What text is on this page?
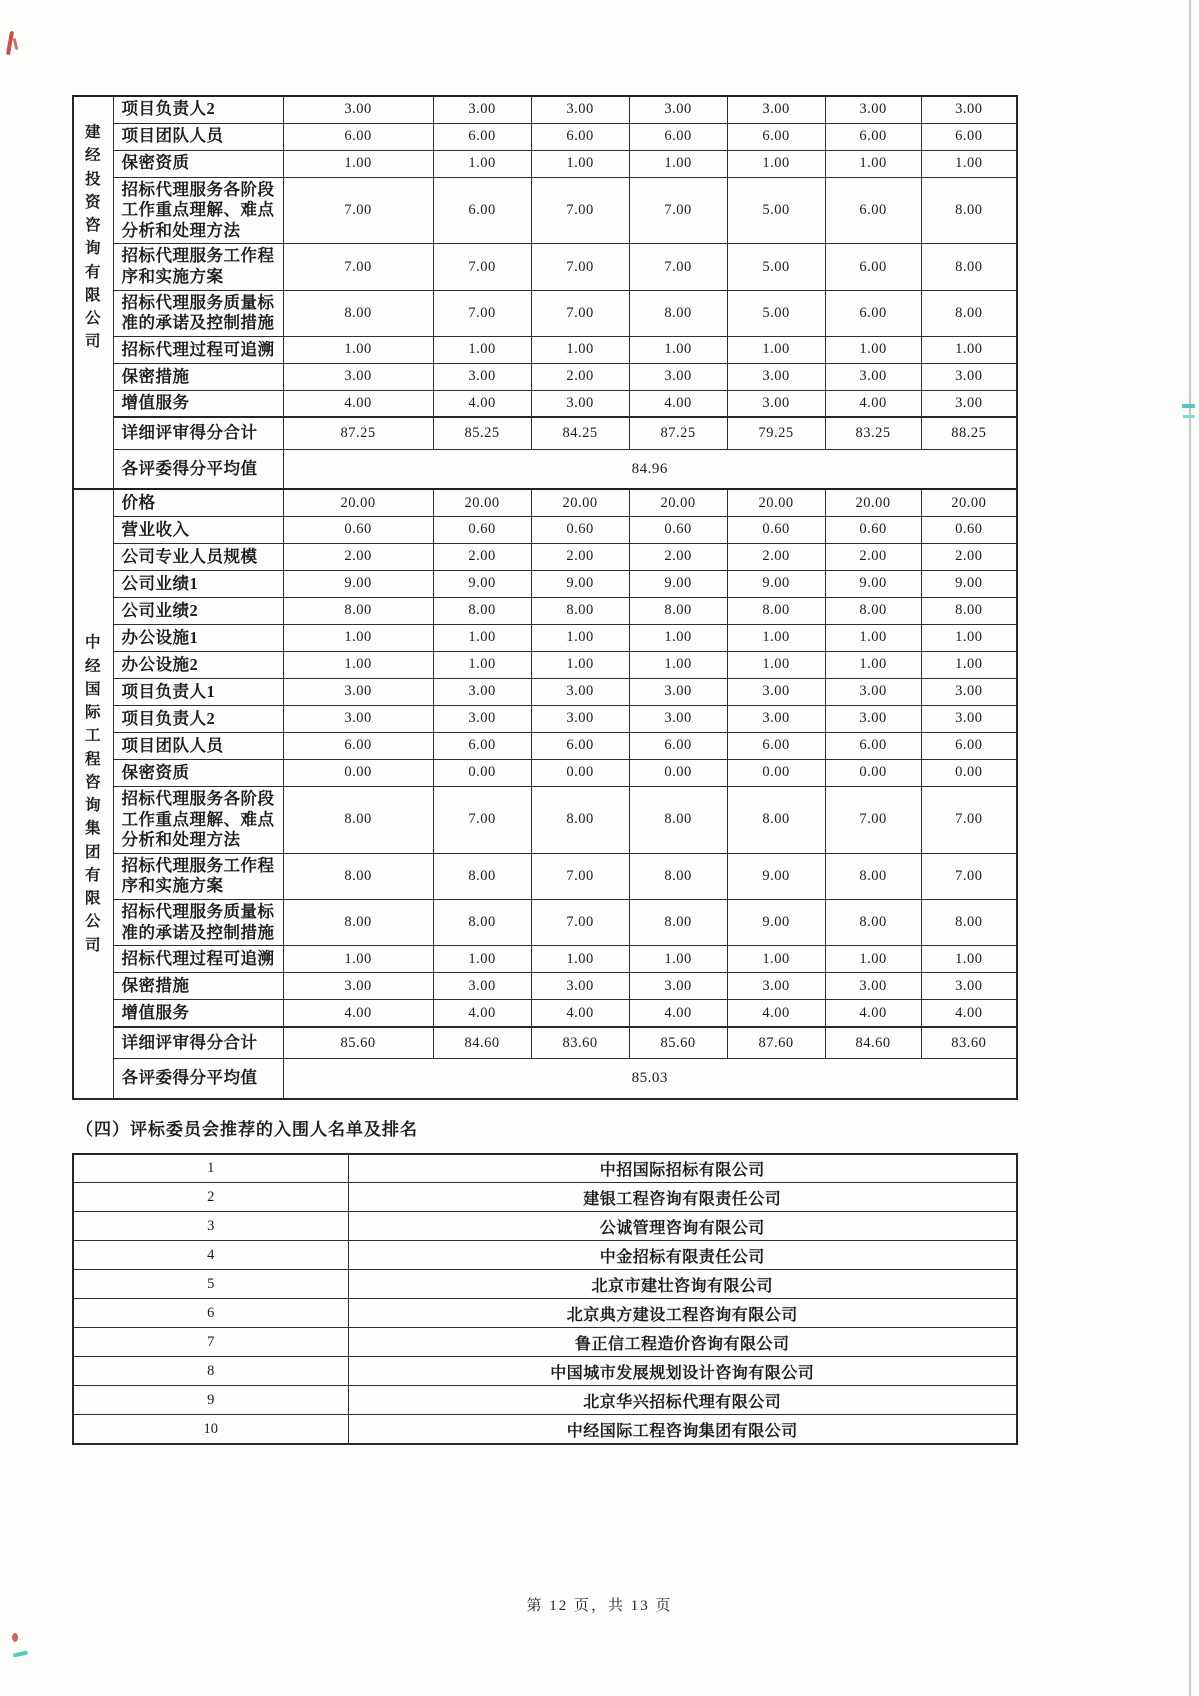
建经投资咨询有限公司	项目负责人2	3.00	3.00	3.00	3.00	3.00	3.00	3.00
	项目团队人员	6.00	6.00	6.00	6.00	6.00	6.00	6.00
	保密资质	1.00	1.00	1.00	1.00	1.00	1.00	1.00
	招标代理服务各阶段工作重点理解、难点分析和处理方法	7.00	6.00	7.00	7.00	5.00	6.00	8.00
	招标代理服务工作程序和实施方案	7.00	7.00	7.00	7.00	5.00	6.00	8.00
	招标代理服务质量标准的承诺及控制措施	8.00	7.00	7.00	8.00	5.00	6.00	8.00
	招标代理过程可追溯	1.00	1.00	1.00	1.00	1.00	1.00	1.00
	保密措施	3.00	3.00	2.00	3.00	3.00	3.00	3.00
	增值服务	4.00	4.00	3.00	4.00	3.00	4.00	3.00
	详细评审得分合计	87.25	85.25	84.25	87.25	79.25	83.25	88.25
	各评委得分平均值	84.96						
中经国际工程咨询集团有限公司	价格	20.00	20.00	20.00	20.00	20.00	20.00	20.00
	营业收入	0.60	0.60	0.60	0.60	0.60	0.60	0.60
	公司专业人员规模	2.00	2.00	2.00	2.00	2.00	2.00	2.00
	公司业绩1	9.00	9.00	9.00	9.00	9.00	9.00	9.00
	公司业绩2	8.00	8.00	8.00	8.00	8.00	8.00	8.00
	办公设施1	1.00	1.00	1.00	1.00	1.00	1.00	1.00
	办公设施2	1.00	1.00	1.00	1.00	1.00	1.00	1.00
	项目负责人1	3.00	3.00	3.00	3.00	3.00	3.00	3.00
	项目负责人2	3.00	3.00	3.00	3.00	3.00	3.00	3.00
	项目团队人员	6.00	6.00	6.00	6.00	6.00	6.00	6.00
	保密资质	0.00	0.00	0.00	0.00	0.00	0.00	0.00
	招标代理服务各阶段工作重点理解、难点分析和处理方法	8.00	7.00	8.00	8.00	8.00	7.00	7.00
	招标代理服务工作程序和实施方案	8.00	8.00	7.00	8.00	9.00	8.00	7.00
	招标代理服务质量标准的承诺及控制措施	8.00	8.00	7.00	8.00	9.00	8.00	8.00
	招标代理过程可追溯	1.00	1.00	1.00	1.00	1.00	1.00	1.00
	保密措施	3.00	3.00	3.00	3.00	3.00	3.00	3.00
	增值服务	4.00	4.00	4.00	4.00	4.00	4.00	4.00
	详细评审得分合计	85.60	84.60	83.60	85.60	87.60	84.60	83.60
	各评委得分平均值	85.03						
（四）评标委员会推荐的入围人名单及排名
1	中招国际招标有限公司
2	建银工程咨询有限责任公司
3	公诚管理咨询有限公司
4	中金招标有限责任公司
5	北京市建壮咨询有限公司
6	北京典方建设工程咨询有限公司
7	鲁正信工程造价咨询有限公司
8	中国城市发展规划设计咨询有限公司
9	北京华兴招标代理有限公司
10	中经国际工程咨询集团有限公司
第 12 页，共 13 页
